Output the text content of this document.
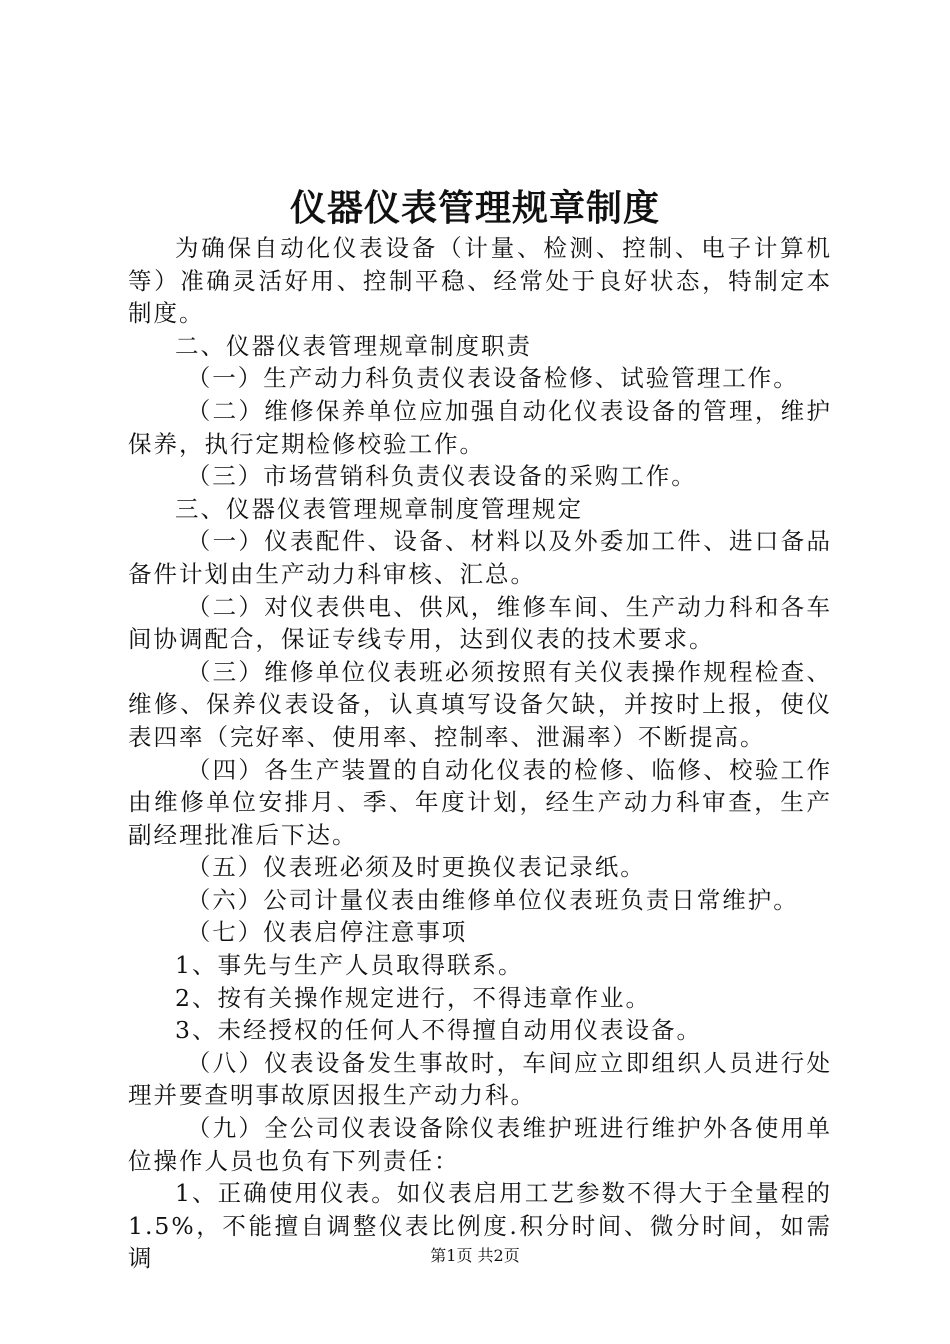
仪器仪表管理规章制度

为确保自动化仪表设备（计量、检测、控制、电子计算机等）准确灵活好用、控制平稳、经常处于良好状态，特制定本制度。

二、仪器仪表管理规章制度职责

（一）生产动力科负责仪表设备检修、试验管理工作。

（二）维修保养单位应加强自动化仪表设备的管理，维护保养，执行定期检修校验工作。

（三）市场营销科负责仪表设备的采购工作。

三、仪器仪表管理规章制度管理规定

（一）仪表配件、设备、材料以及外委加工件、进口备品备件计划由生产动力科审核、汇总。

（二）对仪表供电、供风，维修车间、生产动力科和各车间协调配合，保证专线专用，达到仪表的技术要求。

（三）维修单位仪表班必须按照有关仪表操作规程检查、维修、保养仪表设备，认真填写设备欠缺，并按时上报，使仪表四率（完好率、使用率、控制率、泄漏率）不断提高。

（四）各生产装置的自动化仪表的检修、临修、校验工作由维修单位安排月、季、年度计划，经生产动力科审查，生产副经理批准后下达。

（五）仪表班必须及时更换仪表记录纸。

（六）公司计量仪表由维修单位仪表班负责日常维护。

（七）仪表启停注意事项

1、事先与生产人员取得联系。

2、按有关操作规定进行，不得违章作业。

3、未经授权的任何人不得擅自动用仪表设备。

（八）仪表设备发生事故时，车间应立即组织人员进行处理并要查明事故原因报生产动力科。

（九）全公司仪表设备除仪表维护班进行维护外各使用单位操作人员也负有下列责任：

1、正确使用仪表。如仪表启用工艺参数不得大于全量程的1.5%，不能擅自调整仪表比例度.积分时间、微分时间，如需调	第1页 共2页
